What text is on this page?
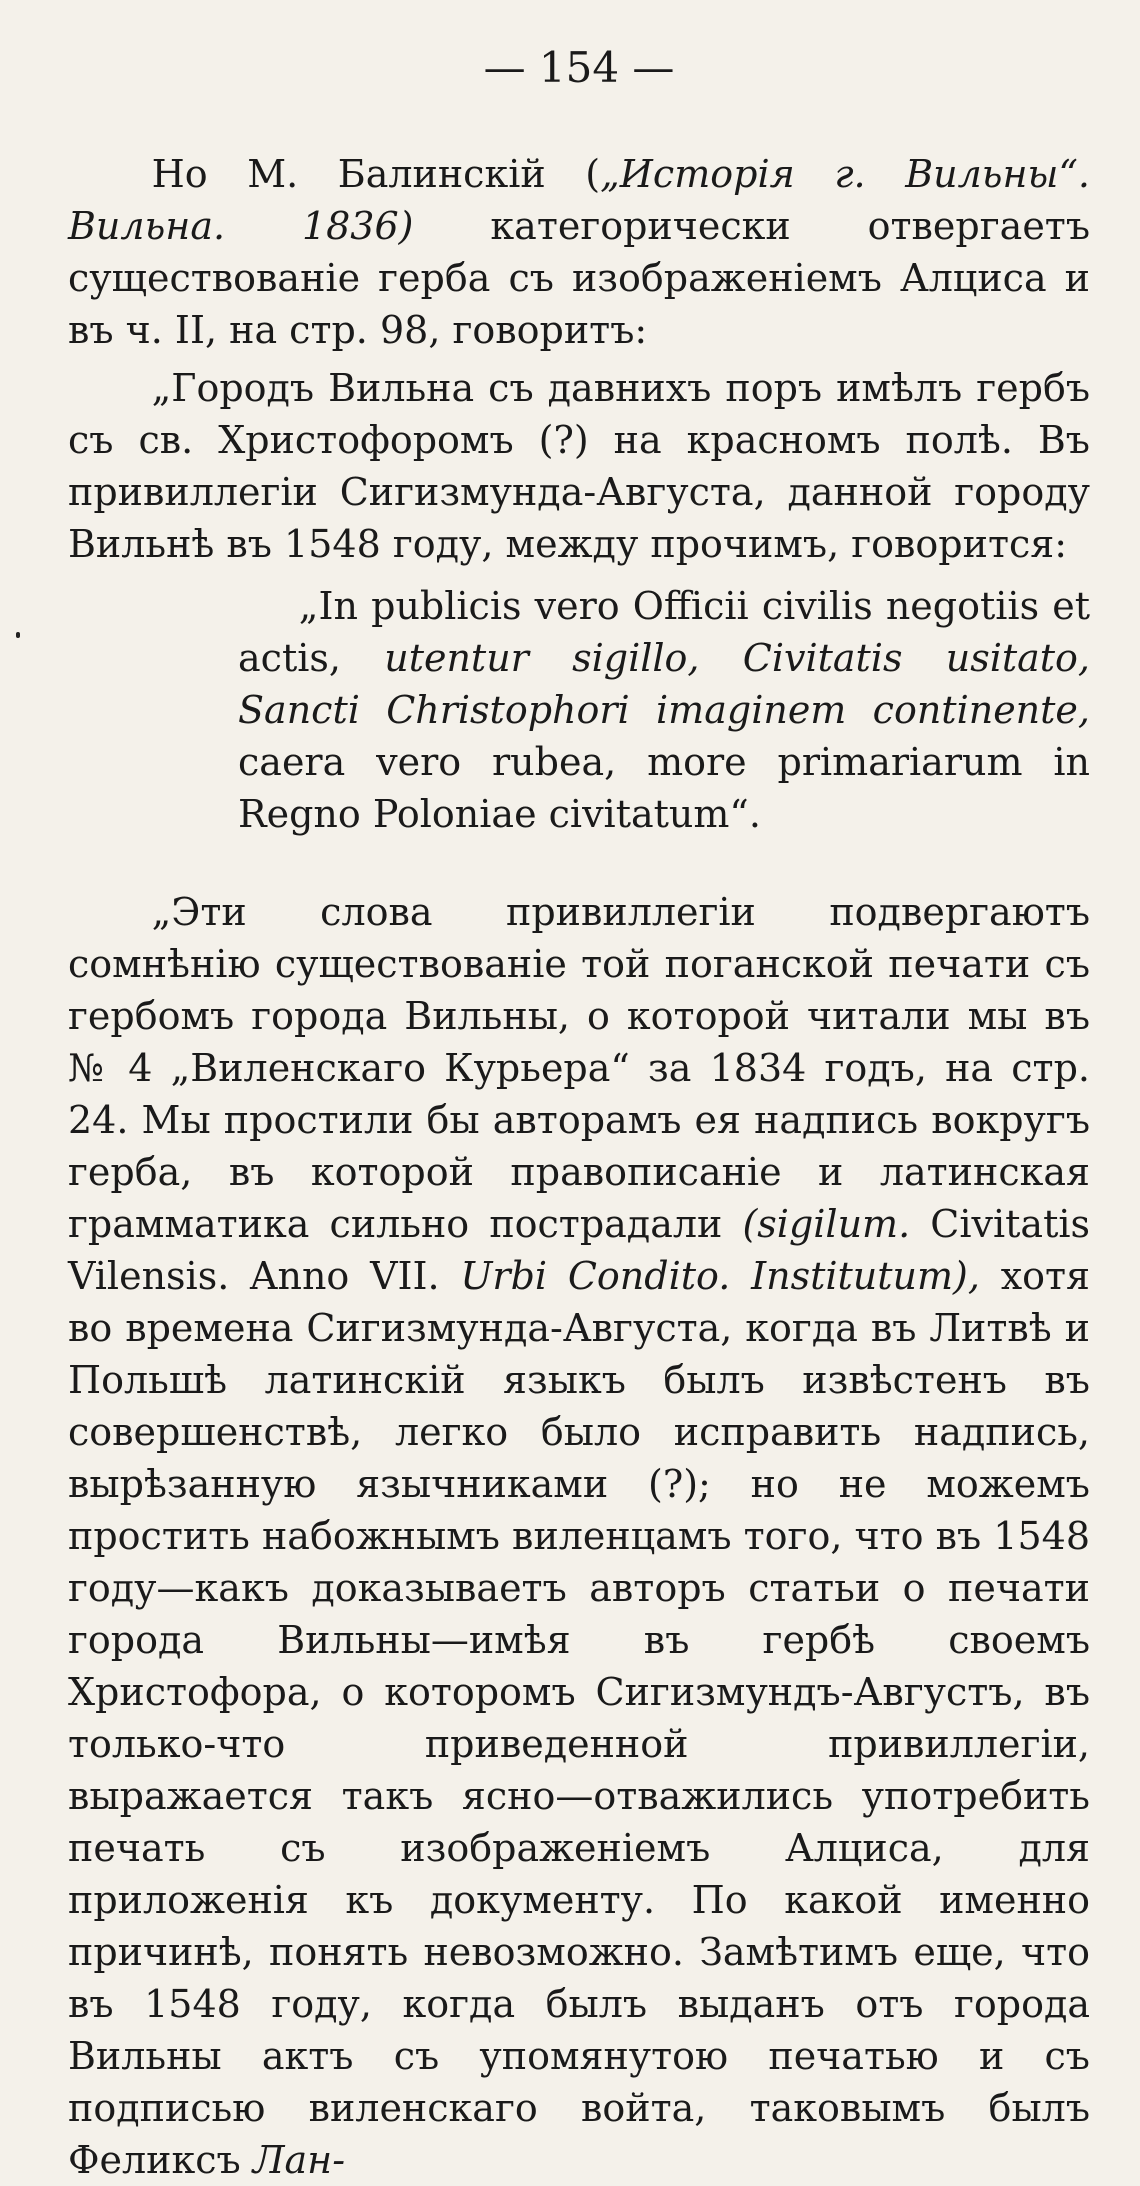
— 154 —

Но М. Балинскій („Исторія г. Вильны“. Вильна. 1836) категорически отвергаетъ существованіе герба съ изображеніемъ Алциса и въ ч. II, на стр. 98, говоритъ:

„Городъ Вильна съ давнихъ поръ имѣлъ гербъ съ св. Христофоромъ (?) на красномъ полѣ. Въ привиллегіи Сигизмунда-Августа, данной городу Вильнѣ въ 1548 году, между прочимъ, говорится:

„In publicis vero Officii civilis negotiis et actis, utentur sigillo, Civitatis usitato, Sancti Christophori imaginem continente, caera vero rubea, more primariarum in Regno Poloniae civitatum“.

„Эти слова привиллегіи подвергаютъ сомнѣнію существованіе той поганской печати съ гербомъ города Вильны, о которой читали мы въ № 4 „Виленскаго Курьера“ за 1834 годъ, на стр. 24. Мы простили бы авторамъ ея надпись вокругъ герба, въ которой правописаніе и латинская грамматика сильно пострадали (sigilum. Civitatis Vilensis. Anno VII. Urbi Condito. Institutum), хотя во времена Сигизмунда-Августа, когда въ Литвѣ и Польшѣ латинскій языкъ былъ извѣстенъ въ совершенствѣ, легко было исправить надпись, вырѣзанную язычниками (?); но не можемъ простить набожнымъ виленцамъ того, что въ 1548 году—какъ доказываетъ авторъ статьи о печати города Вильны—имѣя въ гербѣ своемъ Христофора, о которомъ Сигизмундъ-Августъ, въ только-что приведенной привиллегіи, выражается такъ ясно—отважились употребить печать съ изображеніемъ Алциса, для приложенія къ документу. По какой именно причинѣ, понять невозможно. Замѣтимъ еще, что въ 1548 году, когда былъ выданъ отъ города Вильны актъ съ упомянутою печатью и съ подписью виленскаго войта, таковымъ былъ Феликсъ Лан-
